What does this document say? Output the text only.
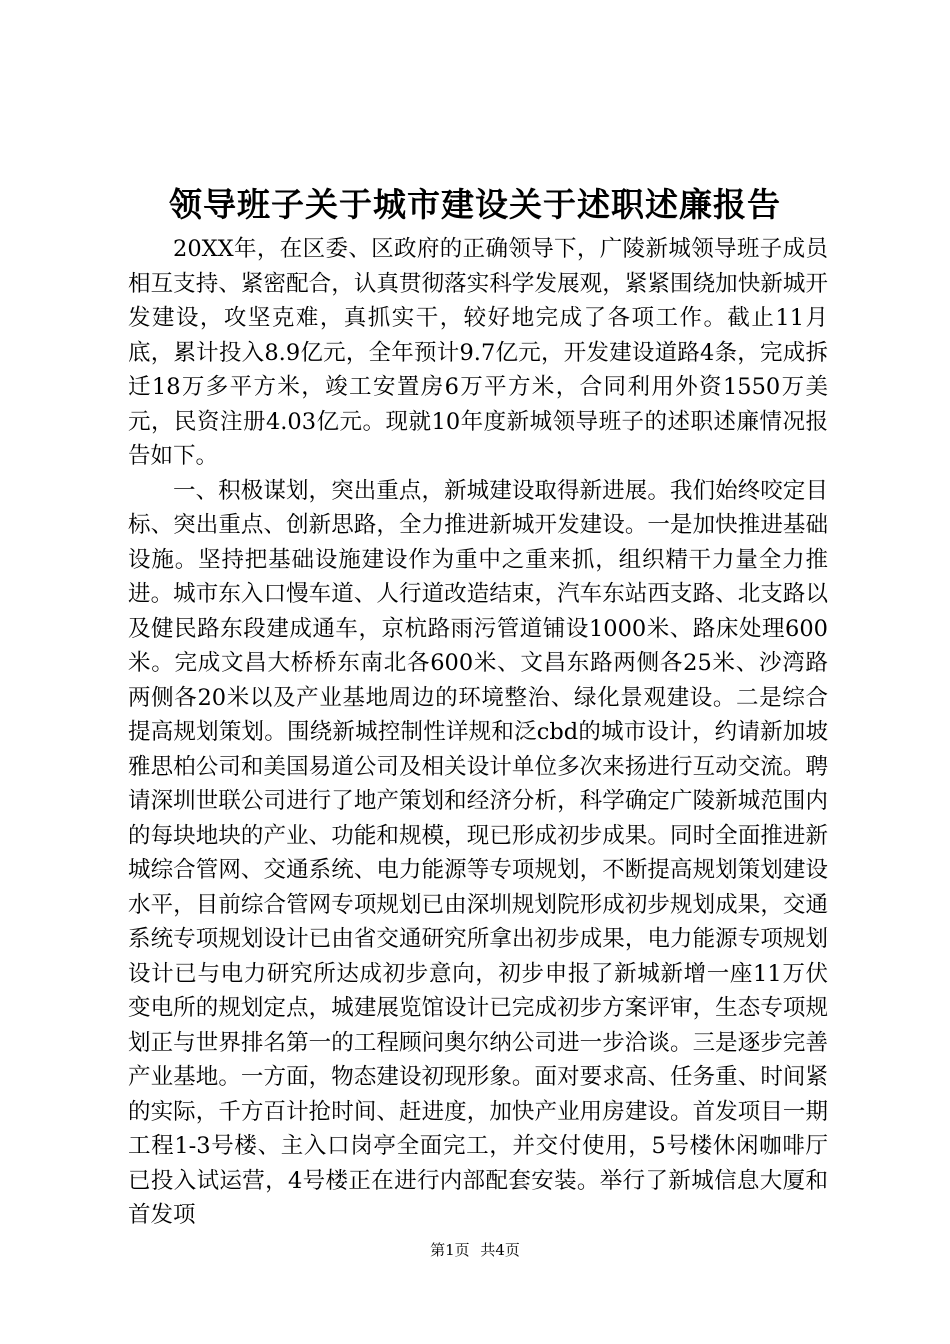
领导班子关于城市建设关于述职述廉报告

20XX年，在区委、区政府的正确领导下，广陵新城领导班子成员相互支持、紧密配合，认真贯彻落实科学发展观，紧紧围绕加快新城开发建设，攻坚克难，真抓实干，较好地完成了各项工作。截止11月底，累计投入8.9亿元，全年预计9.7亿元，开发建设道路4条，完成拆迁18万多平方米，竣工安置房6万平方米，合同利用外资1550万美元，民资注册4.03亿元。现就10年度新城领导班子的述职述廉情况报告如下。

一、积极谋划，突出重点，新城建设取得新进展。我们始终咬定目标、突出重点、创新思路，全力推进新城开发建设。一是加快推进基础设施。坚持把基础设施建设作为重中之重来抓，组织精干力量全力推进。城市东入口慢车道、人行道改造结束，汽车东站西支路、北支路以及健民路东段建成通车，京杭路雨污管道铺设1000米、路床处理600米。完成文昌大桥桥东南北各600米、文昌东路两侧各25米、沙湾路两侧各20米以及产业基地周边的环境整治、绿化景观建设。二是综合提高规划策划。围绕新城控制性详规和泛cbd的城市设计，约请新加坡雅思柏公司和美国易道公司及相关设计单位多次来扬进行互动交流。聘请深圳世联公司进行了地产策划和经济分析，科学确定广陵新城范围内的每块地块的产业、功能和规模，现已形成初步成果。同时全面推进新城综合管网、交通系统、电力能源等专项规划，不断提高规划策划建设水平，目前综合管网专项规划已由深圳规划院形成初步规划成果，交通系统专项规划设计已由省交通研究所拿出初步成果，电力能源专项规划设计已与电力研究所达成初步意向，初步申报了新城新增一座11万伏变电所的规划定点，城建展览馆设计已完成初步方案评审，生态专项规划正与世界排名第一的工程顾问奥尔纳公司进一步洽谈。三是逐步完善产业基地。一方面，物态建设初现形象。面对要求高、任务重、时间紧的实际，千方百计抢时间、赶进度，加快产业用房建设。首发项目一期工程1-3号楼、主入口岗亭全面完工，并交付使用，5号楼休闲咖啡厅已投入试运营，4号楼正在进行内部配套安装。举行了新城信息大厦和首发项

第1页 共4页
